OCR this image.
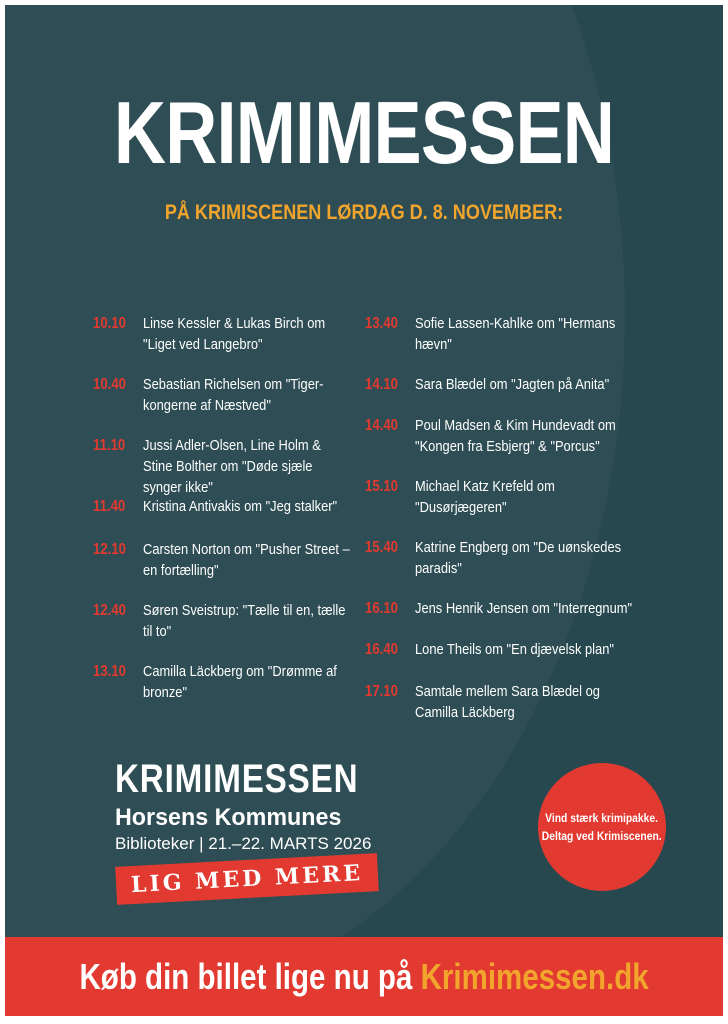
KRIMIMESSEN
PÅ KRIMISCENEN LØRDAG D. 8. NOVEMBER:
10.10 Linse Kessler & Lukas Birch om "Liget ved Langebro"
10.40 Sebastian Richelsen om "Tiger-kongerne af Næstved"
11.10 Jussi Adler-Olsen, Line Holm & Stine Bolther om "Døde sjæle synger ikke"
11.40 Kristina Antivakis om "Jeg stalker"
12.10 Carsten Norton om "Pusher Street – en fortælling"
12.40 Søren Sveistrup: "Tælle til en, tælle til to"
13.10 Camilla Läckberg om "Drømme af bronze"
13.40 Sofie Lassen-Kahlke om "Hermans hævn"
14.10 Sara Blædel om "Jagten på Anita"
14.40 Poul Madsen & Kim Hundevadt om "Kongen fra Esbjerg" & "Porcus"
15.10 Michael Katz Krefeld om "Dusørjægeren"
15.40 Katrine Engberg om "De uønskedes paradis"
16.10 Jens Henrik Jensen om "Interregnum"
16.40 Lone Theils om "En djævelsk plan"
17.10 Samtale mellem Sara Blædel og Camilla Läckberg

KRIMIMESSEN

Horsens Kommunes

Biblioteker | 21.–22. MARTS 2026

LIG MED MERE
Vind stærk krimipakke.
Deltag ved Krimiscenen.
Køb din billet lige nu på Krimimessen.dk
